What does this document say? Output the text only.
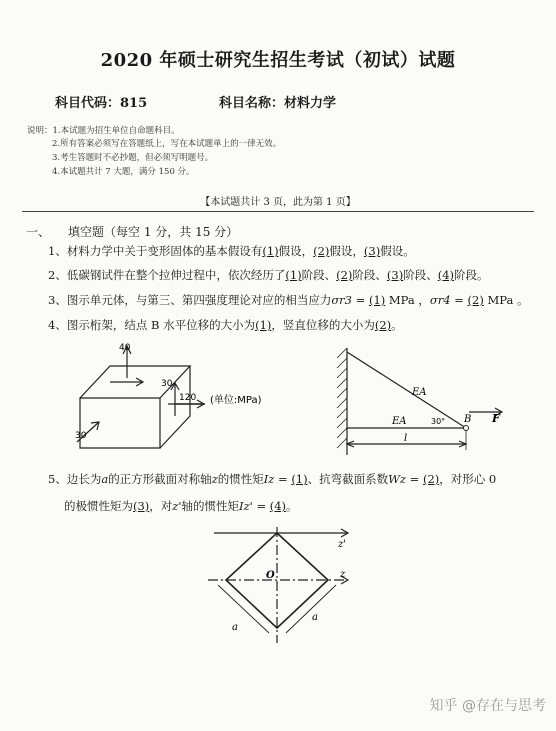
2020 年硕士研究生招生考试（初试）试题
科目代码：815	科目名称：材料力学
说明：1.本试题为招生单位自命题科目。
2.所有答案必须写在答题纸上，写在本试题单上的一律无效。
3.考生答题时不必抄题，但必须写明题号。
4.本试题共计 7 大题，满分 150 分。
【本试题共计 3 页，此为第 1 页】
一、 填空题（每空 1 分，共 15 分）
1、材料力学中关于变形固体的基本假设有(1)假设，(2)假设，(3)假设。
2、低碳钢试件在整个拉伸过程中，依次经历了(1)阶段、(2)阶段、(3)阶段、(4)阶段。
3、图示单元体，与第三、第四强度理论对应的相当应力σr3 = (1) MPa ，σr4 = (2) MPa 。
4、图示桁架，结点 B 水平位移的大小为(1)，竖直位移的大小为(2)。
40
30
120 (单位:MPa)
30
EA
EA	30° B F
l
5、边长为a的正方形截面对称轴z的惯性矩Iz = (1)、抗弯截面系数Wz = (2)，对形心 0
的极惯性矩为(3)，对z'轴的惯性矩Iz' = (4)。
z'
O	z
a
a
知乎 @存在与思考
